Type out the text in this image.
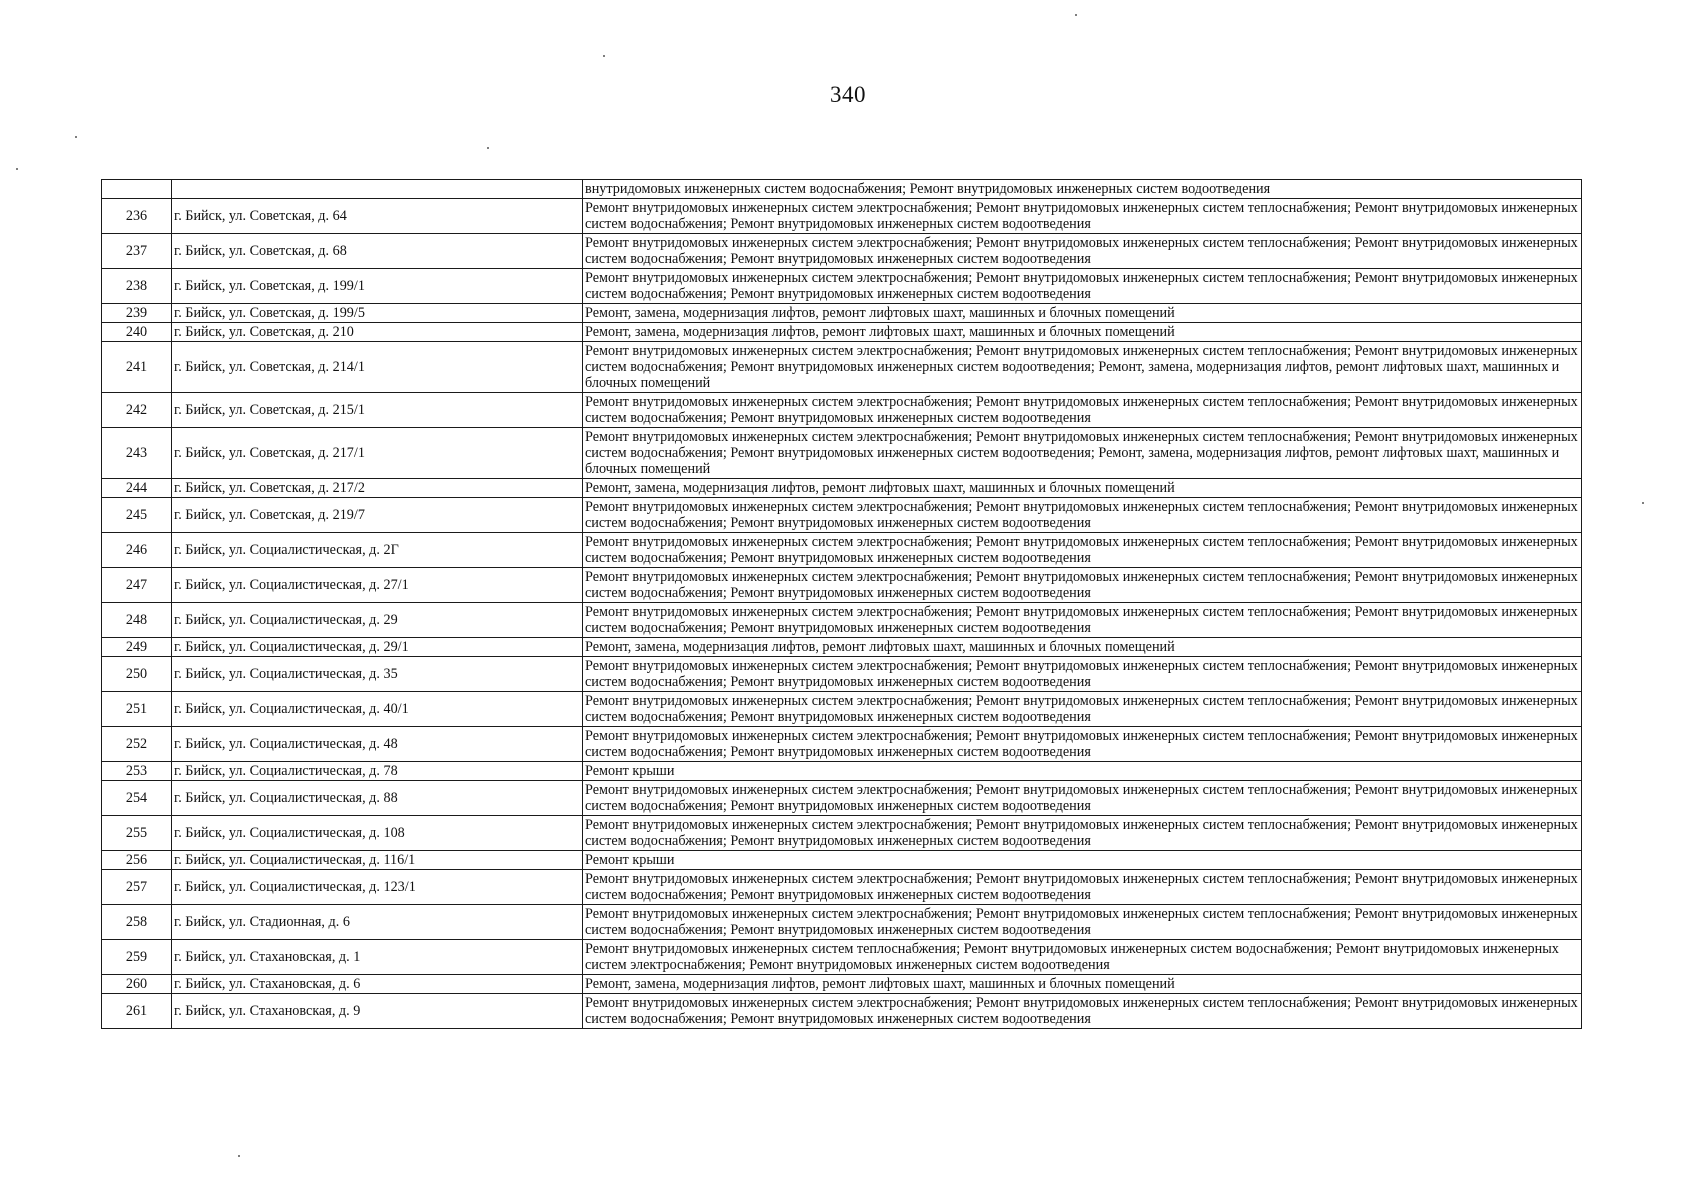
340
		внутридомовых инженерных систем водоснабжения; Ремонт внутридомовых инженерных систем водоотведения
236	г. Бийск, ул. Советская, д. 64	Ремонт внутридомовых инженерных систем электроснабжения; Ремонт внутридомовых инженерных систем теплоснабжения; Ремонт внутридомовых инженерных систем водоснабжения; Ремонт внутридомовых инженерных систем водоотведения
237	г. Бийск, ул. Советская, д. 68	Ремонт внутридомовых инженерных систем электроснабжения; Ремонт внутридомовых инженерных систем теплоснабжения; Ремонт внутридомовых инженерных систем водоснабжения; Ремонт внутридомовых инженерных систем водоотведения
238	г. Бийск, ул. Советская, д. 199/1	Ремонт внутридомовых инженерных систем электроснабжения; Ремонт внутридомовых инженерных систем теплоснабжения; Ремонт внутридомовых инженерных систем водоснабжения; Ремонт внутридомовых инженерных систем водоотведения
239	г. Бийск, ул. Советская, д. 199/5	Ремонт, замена, модернизация лифтов, ремонт лифтовых шахт, машинных и блочных помещений
240	г. Бийск, ул. Советская, д. 210	Ремонт, замена, модернизация лифтов, ремонт лифтовых шахт, машинных и блочных помещений
241	г. Бийск, ул. Советская, д. 214/1	Ремонт внутридомовых инженерных систем электроснабжения; Ремонт внутридомовых инженерных систем теплоснабжения; Ремонт внутридомовых инженерных систем водоснабжения; Ремонт внутридомовых инженерных систем водоотведения; Ремонт, замена, модернизация лифтов, ремонт лифтовых шахт, машинных и блочных помещений
242	г. Бийск, ул. Советская, д. 215/1	Ремонт внутридомовых инженерных систем электроснабжения; Ремонт внутридомовых инженерных систем теплоснабжения; Ремонт внутридомовых инженерных систем водоснабжения; Ремонт внутридомовых инженерных систем водоотведения
243	г. Бийск, ул. Советская, д. 217/1	Ремонт внутридомовых инженерных систем электроснабжения; Ремонт внутридомовых инженерных систем теплоснабжения; Ремонт внутридомовых инженерных систем водоснабжения; Ремонт внутридомовых инженерных систем водоотведения; Ремонт, замена, модернизация лифтов, ремонт лифтовых шахт, машинных и блочных помещений
244	г. Бийск, ул. Советская, д. 217/2	Ремонт, замена, модернизация лифтов, ремонт лифтовых шахт, машинных и блочных помещений
245	г. Бийск, ул. Советская, д. 219/7	Ремонт внутридомовых инженерных систем электроснабжения; Ремонт внутридомовых инженерных систем теплоснабжения; Ремонт внутридомовых инженерных систем водоснабжения; Ремонт внутридомовых инженерных систем водоотведения
246	г. Бийск, ул. Социалистическая, д. 2Г	Ремонт внутридомовых инженерных систем электроснабжения; Ремонт внутридомовых инженерных систем теплоснабжения; Ремонт внутридомовых инженерных систем водоснабжения; Ремонт внутридомовых инженерных систем водоотведения
247	г. Бийск, ул. Социалистическая, д. 27/1	Ремонт внутридомовых инженерных систем электроснабжения; Ремонт внутридомовых инженерных систем теплоснабжения; Ремонт внутридомовых инженерных систем водоснабжения; Ремонт внутридомовых инженерных систем водоотведения
248	г. Бийск, ул. Социалистическая, д. 29	Ремонт внутридомовых инженерных систем электроснабжения; Ремонт внутридомовых инженерных систем теплоснабжения; Ремонт внутридомовых инженерных систем водоснабжения; Ремонт внутридомовых инженерных систем водоотведения
249	г. Бийск, ул. Социалистическая, д. 29/1	Ремонт, замена, модернизация лифтов, ремонт лифтовых шахт, машинных и блочных помещений
250	г. Бийск, ул. Социалистическая, д. 35	Ремонт внутридомовых инженерных систем электроснабжения; Ремонт внутридомовых инженерных систем теплоснабжения; Ремонт внутридомовых инженерных систем водоснабжения; Ремонт внутридомовых инженерных систем водоотведения
251	г. Бийск, ул. Социалистическая, д. 40/1	Ремонт внутридомовых инженерных систем электроснабжения; Ремонт внутридомовых инженерных систем теплоснабжения; Ремонт внутридомовых инженерных систем водоснабжения; Ремонт внутридомовых инженерных систем водоотведения
252	г. Бийск, ул. Социалистическая, д. 48	Ремонт внутридомовых инженерных систем электроснабжения; Ремонт внутридомовых инженерных систем теплоснабжения; Ремонт внутридомовых инженерных систем водоснабжения; Ремонт внутридомовых инженерных систем водоотведения
253	г. Бийск, ул. Социалистическая, д. 78	Ремонт крыши
254	г. Бийск, ул. Социалистическая, д. 88	Ремонт внутридомовых инженерных систем электроснабжения; Ремонт внутридомовых инженерных систем теплоснабжения; Ремонт внутридомовых инженерных систем водоснабжения; Ремонт внутридомовых инженерных систем водоотведения
255	г. Бийск, ул. Социалистическая, д. 108	Ремонт внутридомовых инженерных систем электроснабжения; Ремонт внутридомовых инженерных систем теплоснабжения; Ремонт внутридомовых инженерных систем водоснабжения; Ремонт внутридомовых инженерных систем водоотведения
256	г. Бийск, ул. Социалистическая, д. 116/1	Ремонт крыши
257	г. Бийск, ул. Социалистическая, д. 123/1	Ремонт внутридомовых инженерных систем электроснабжения; Ремонт внутридомовых инженерных систем теплоснабжения; Ремонт внутридомовых инженерных систем водоснабжения; Ремонт внутридомовых инженерных систем водоотведения
258	г. Бийск, ул. Стадионная, д. 6	Ремонт внутридомовых инженерных систем электроснабжения; Ремонт внутридомовых инженерных систем теплоснабжения; Ремонт внутридомовых инженерных систем водоснабжения; Ремонт внутридомовых инженерных систем водоотведения
259	г. Бийск, ул. Стахановская, д. 1	Ремонт внутридомовых инженерных систем теплоснабжения; Ремонт внутридомовых инженерных систем водоснабжения; Ремонт внутридомовых инженерных систем электроснабжения; Ремонт внутридомовых инженерных систем водоотведения
260	г. Бийск, ул. Стахановская, д. 6	Ремонт, замена, модернизация лифтов, ремонт лифтовых шахт, машинных и блочных помещений
261	г. Бийск, ул. Стахановская, д. 9	Ремонт внутридомовых инженерных систем электроснабжения; Ремонт внутридомовых инженерных систем теплоснабжения; Ремонт внутридомовых инженерных систем водоснабжения; Ремонт внутридомовых инженерных систем водоотведения
